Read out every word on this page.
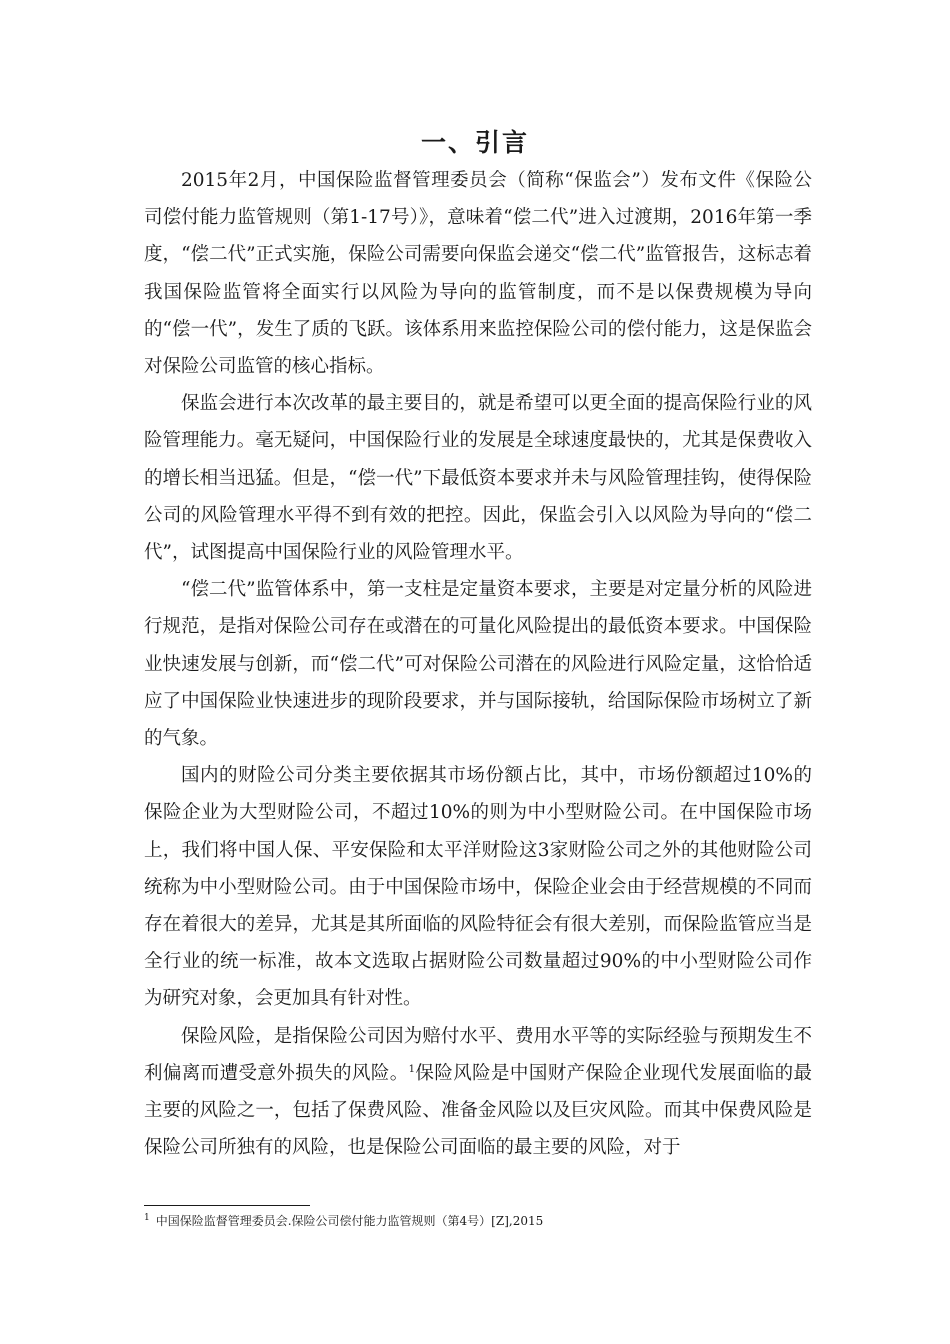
一、引言

2015年2月，中国保险监督管理委员会（简称“保监会”）发布文件《保险公司偿付能力监管规则（第1-17号）》，意味着“偿二代”进入过渡期，2016年第一季度，“偿二代”正式实施，保险公司需要向保监会递交“偿二代”监管报告，这标志着我国保险监管将全面实行以风险为导向的监管制度，而不是以保费规模为导向的“偿一代”，发生了质的飞跃。该体系用来监控保险公司的偿付能力，这是保监会对保险公司监管的核心指标。

保监会进行本次改革的最主要目的，就是希望可以更全面的提高保险行业的风险管理能力。毫无疑问，中国保险行业的发展是全球速度最快的，尤其是保费收入的增长相当迅猛。但是，“偿一代”下最低资本要求并未与风险管理挂钩，使得保险公司的风险管理水平得不到有效的把控。因此，保监会引入以风险为导向的“偿二代”，试图提高中国保险行业的风险管理水平。

“偿二代”监管体系中，第一支柱是定量资本要求，主要是对定量分析的风险进行规范，是指对保险公司存在或潜在的可量化风险提出的最低资本要求。中国保险业快速发展与创新，而“偿二代”可对保险公司潜在的风险进行风险定量，这恰恰适应了中国保险业快速进步的现阶段要求，并与国际接轨，给国际保险市场树立了新的气象。

国内的财险公司分类主要依据其市场份额占比，其中，市场份额超过10%的保险企业为大型财险公司，不超过10%的则为中小型财险公司。在中国保险市场上，我们将中国人保、平安保险和太平洋财险这3家财险公司之外的其他财险公司统称为中小型财险公司。由于中国保险市场中，保险企业会由于经营规模的不同而存在着很大的差异，尤其是其所面临的风险特征会有很大差别，而保险监管应当是全行业的统一标准，故本文选取占据财险公司数量超过90%的中小型财险公司作为研究对象，会更加具有针对性。

保险风险，是指保险公司因为赔付水平、费用水平等的实际经验与预期发生不利偏离而遭受意外损失的风险。$^1$保险风险是中国财产保险企业现代发展面临的最主要的风险之一，包括了保费风险、准备金风险以及巨灾风险。而其中保费风险是保险公司所独有的风险，也是保险公司面临的最主要的风险，对于

$^1$ 中国保险监督管理委员会.保险公司偿付能力监管规则（第4号）[Z],2015
